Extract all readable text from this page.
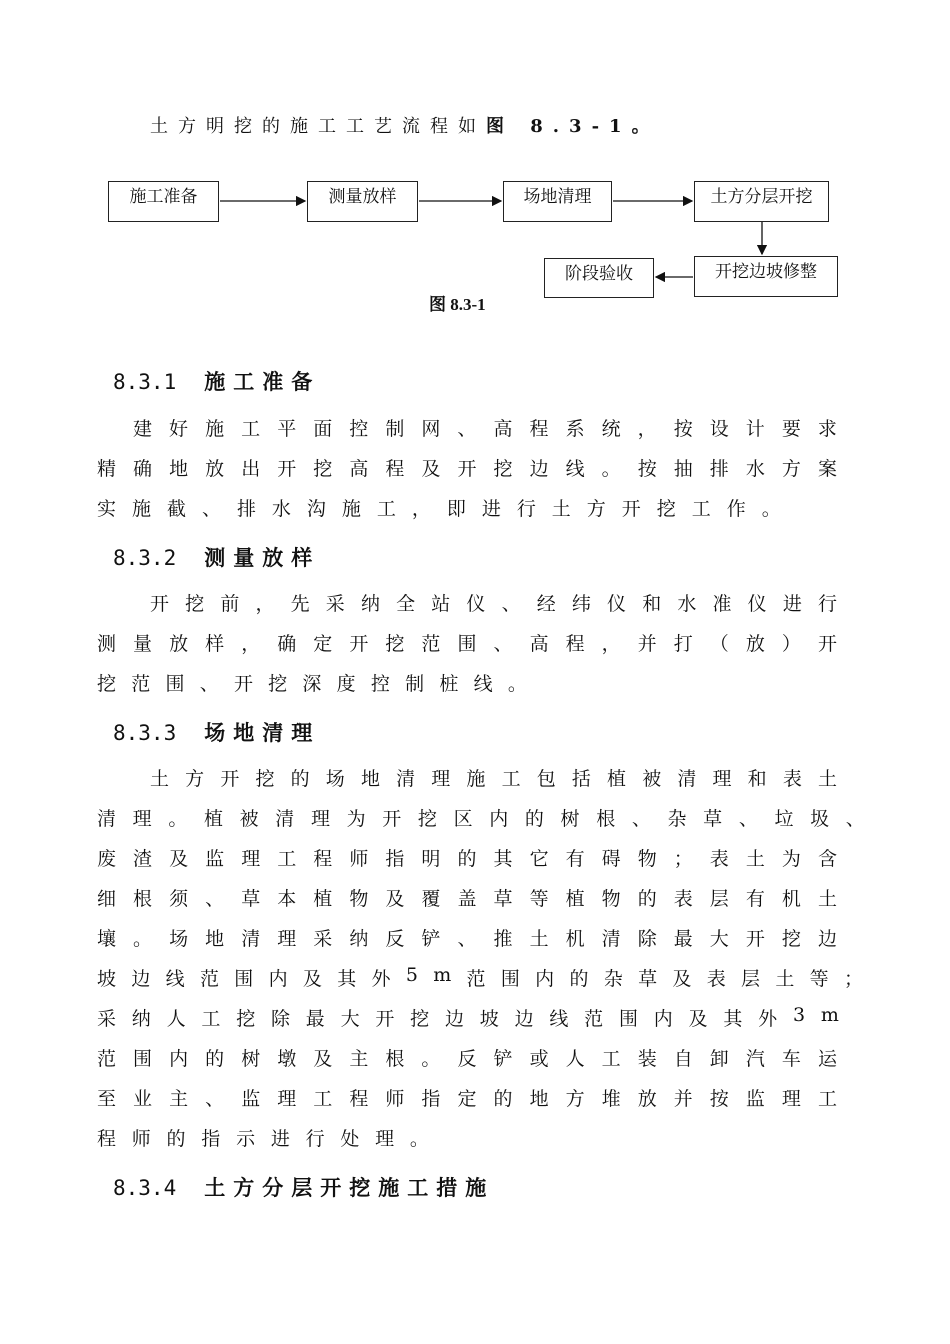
土方明挖的施工工艺流程如图 8.3-1。
施工准备	测量放样	场地清理	土方分层开挖
开挖边坡修整
阶段验收
图 8.3-1
8.3.1 施工准备
建 好 施 工 平 面 控 制 网 、 高 程 系 统 ， 按 设 计 要 求
精 确 地 放 出 开 挖 高 程 及 开 挖 边 线 。 按 抽 排 水 方 案
实 施 截 、 排 水 沟 施 工 ， 即 进 行 土 方 开 挖 工 作 。
8.3.2 测量放样
开 挖 前 ， 先 采 纳 全 站 仪 、 经 纬 仪 和 水 准 仪 进 行
测 量 放 样 ， 确 定 开 挖 范 围 、 高 程 ， 并 打 （ 放 ） 开
挖 范 围 、 开 挖 深 度 控 制 桩 线 。
8.3.3 场地清理
土 方 开 挖 的 场 地 清 理 施 工 包 括 植 被 清 理 和 表 土
清 理 。 植 被 清 理 为 开 挖 区 内 的 树 根 、 杂 草 、 垃 圾 、
废 渣 及 监 理 工 程 师 指 明 的 其 它 有 碍 物 ； 表 土 为 含
细 根 须 、 草 本 植 物 及 覆 盖 草 等 植 物 的 表 层 有 机 土
壤 。 场 地 清 理 采 纳 反 铲 、 推 土 机 清 除 最 大 开 挖 边
坡 边 线 范 围 内 及 其 外 5 m 范 围 内 的 杂 草 及 表 层 土 等 ；
采 纳 人 工 挖 除 最 大 开 挖 边 坡 边 线 范 围 内 及 其 外 3 m
范 围 内 的 树 墩 及 主 根 。 反 铲 或 人 工 装 自 卸 汽 车 运
至 业 主 、 监 理 工 程 师 指 定 的 地 方 堆 放 并 按 监 理 工
程 师 的 指 示 进 行 处 理 。
8.3.4 土方分层开挖施工措施
